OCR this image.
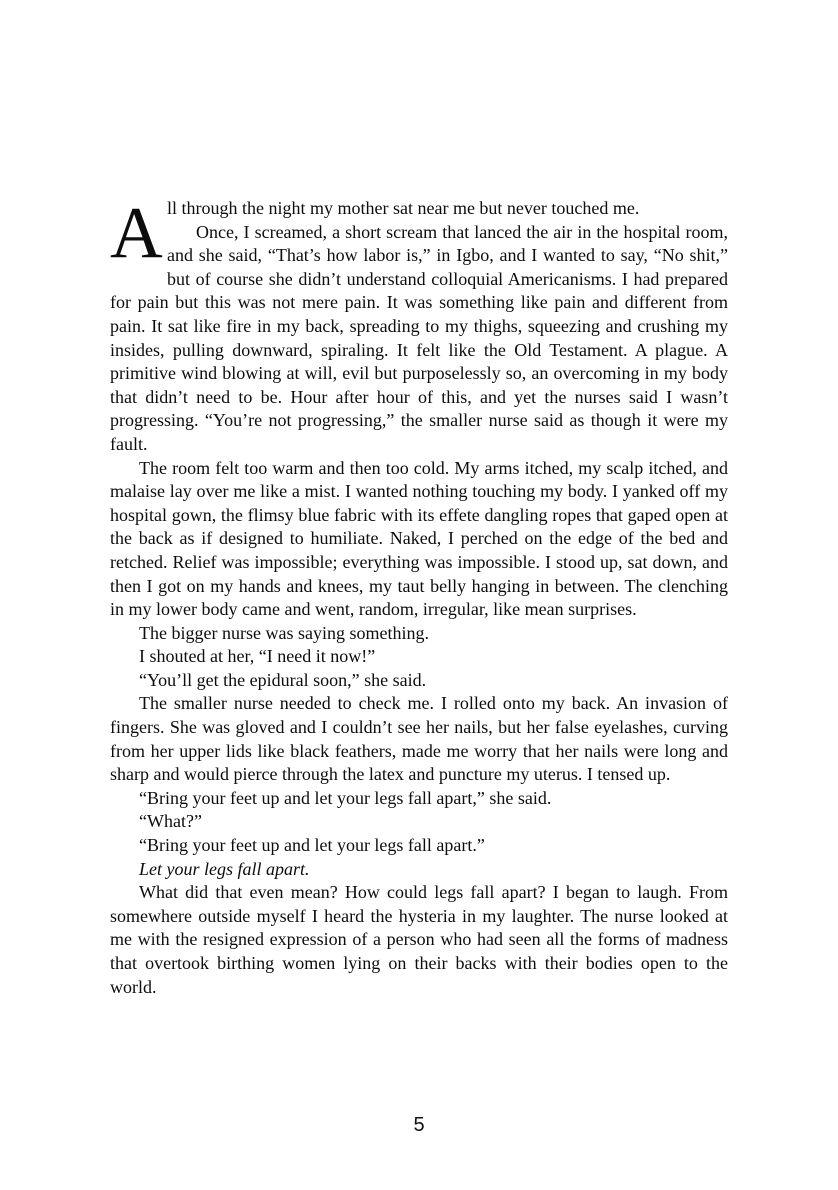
All through the night my mother sat near me but never touched me.

Once, I screamed, a short scream that lanced the air in the hospital room, and she said, “That’s how labor is,” in Igbo, and I wanted to say, “No shit,” but of course she didn’t understand colloquial Americanisms. I had prepared for pain but this was not mere pain. It was something like pain and different from pain. It sat like fire in my back, spreading to my thighs, squeezing and crushing my insides, pulling downward, spiraling. It felt like the Old Testament. A plague. A primitive wind blowing at will, evil but purposelessly so, an overcoming in my body that didn’t need to be. Hour after hour of this, and yet the nurses said I wasn’t progressing. “You’re not progressing,” the smaller nurse said as though it were my fault.

The room felt too warm and then too cold. My arms itched, my scalp itched, and malaise lay over me like a mist. I wanted nothing touching my body. I yanked off my hospital gown, the flimsy blue fabric with its effete dangling ropes that gaped open at the back as if designed to humiliate. Naked, I perched on the edge of the bed and retched. Relief was impossible; everything was impossible. I stood up, sat down, and then I got on my hands and knees, my taut belly hanging in between. The clenching in my lower body came and went, random, irregular, like mean surprises.

The bigger nurse was saying something.

I shouted at her, “I need it now!”

“You’ll get the epidural soon,” she said.

The smaller nurse needed to check me. I rolled onto my back. An invasion of fingers. She was gloved and I couldn’t see her nails, but her false eyelashes, curving from her upper lids like black feathers, made me worry that her nails were long and sharp and would pierce through the latex and puncture my uterus. I tensed up.

“Bring your feet up and let your legs fall apart,” she said.

“What?”

“Bring your feet up and let your legs fall apart.”

Let your legs fall apart.

What did that even mean? How could legs fall apart? I began to laugh. From somewhere outside myself I heard the hysteria in my laughter. The nurse looked at me with the resigned expression of a person who had seen all the forms of madness that overtook birthing women lying on their backs with their bodies open to the world.

5
